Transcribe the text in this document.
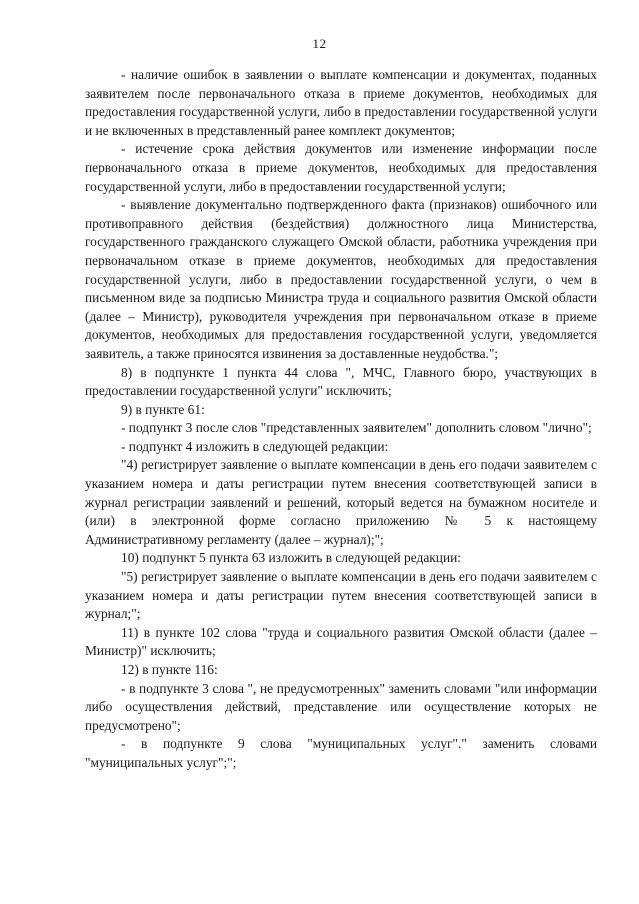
12

- наличие ошибок в заявлении о выплате компенсации и документах, поданных заявителем после первоначального отказа в приеме документов, необходимых для предоставления государственной услуги, либо в предоставлении государственной услуги и не включенных в представленный ранее комплект документов;

- истечение срока действия документов или изменение информации после первоначального отказа в приеме документов, необходимых для предоставления государственной услуги, либо в предоставлении государственной услуги;

- выявление документально подтвержденного факта (признаков) ошибочного или противоправного действия (бездействия) должностного лица Министерства, государственного гражданского служащего Омской области, работника учреждения при первоначальном отказе в приеме документов, необходимых для предоставления государственной услуги, либо в предоставлении государственной услуги, о чем в письменном виде за подписью Министра труда и социального развития Омской области (далее – Министр), руководителя учреждения при первоначальном отказе в приеме документов, необходимых для предоставления государственной услуги, уведомляется заявитель, а также приносятся извинения за доставленные неудобства.";

8) в подпункте 1 пункта 44 слова ", МЧС, Главного бюро, участвующих в предоставлении государственной услуги" исключить;

9) в пункте 61:

- подпункт 3 после слов "представленных заявителем" дополнить словом "лично";

- подпункт 4 изложить в следующей редакции:

"4) регистрирует заявление о выплате компенсации в день его подачи заявителем с указанием номера и даты регистрации путем внесения соответствующей записи в журнал регистрации заявлений и решений, который ведется на бумажном носителе и (или) в электронной форме согласно приложению № 5 к настоящему Административному регламенту (далее – журнал);";

10) подпункт 5 пункта 63 изложить в следующей редакции:

"5) регистрирует заявление о выплате компенсации в день его подачи заявителем с указанием номера и даты регистрации путем внесения соответствующей записи в журнал;";

11) в пункте 102 слова "труда и социального развития Омской области (далее – Министр)" исключить;

12) в пункте 116:

- в подпункте 3 слова ", не предусмотренных" заменить словами "или информации либо осуществления действий, представление или осуществление которых не предусмотрено";

- в подпункте 9 слова "муниципальных услуг"." заменить словами "муниципальных услуг";";
